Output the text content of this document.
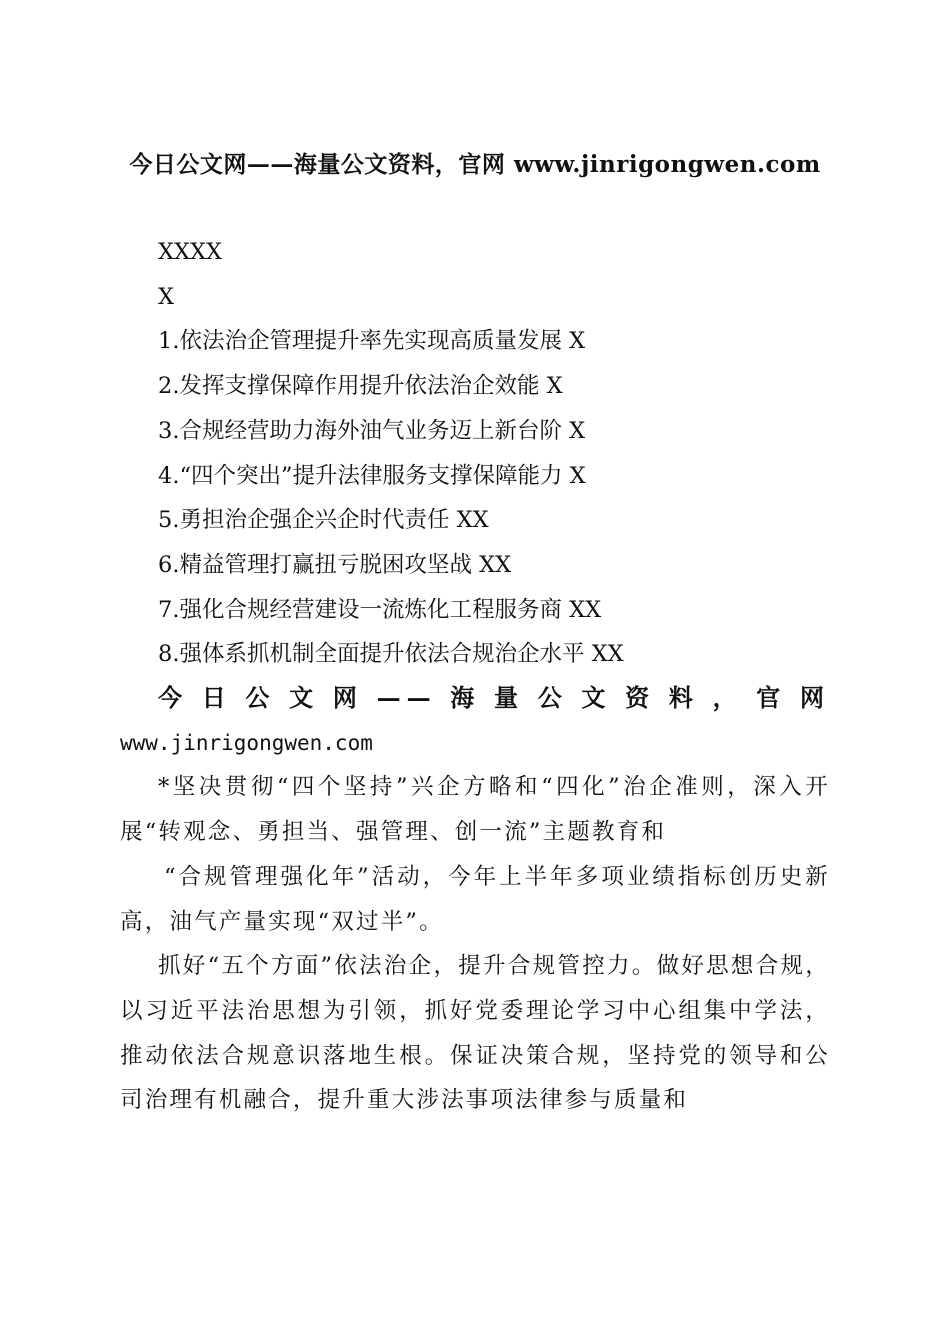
今日公文网——海量公文资料，官网 www.jinrigongwen.com
XXXX
X
1.依法治企管理提升率先实现高质量发展 X
2.发挥支撑保障作用提升依法治企效能 X
3.合规经营助力海外油气业务迈上新台阶 X
4.“四个突出”提升法律服务支撑保障能力 X
5.勇担治企强企兴企时代责任 XX
6.精益管理打赢扭亏脱困攻坚战 XX
7.强化合规经营建设一流炼化工程服务商 XX
8.强体系抓机制全面提升依法合规治企水平 XX
今日公文网——海量公文资料，官网
www.jinrigongwen.com
*坚决贯彻“四个坚持”兴企方略和“四化”治企准则，深入开展“转观念、勇担当、强管理、创一流”主题教育和
“合规管理强化年”活动，今年上半年多项业绩指标创历史新高，油气产量实现“双过半”。
抓好“五个方面”依法治企，提升合规管控力。做好思想合规，以习近平法治思想为引领，抓好党委理论学习中心组集中学法，推动依法合规意识落地生根。保证决策合规，坚持党的领导和公司治理有机融合，提升重大涉法事项法律参与质量和
